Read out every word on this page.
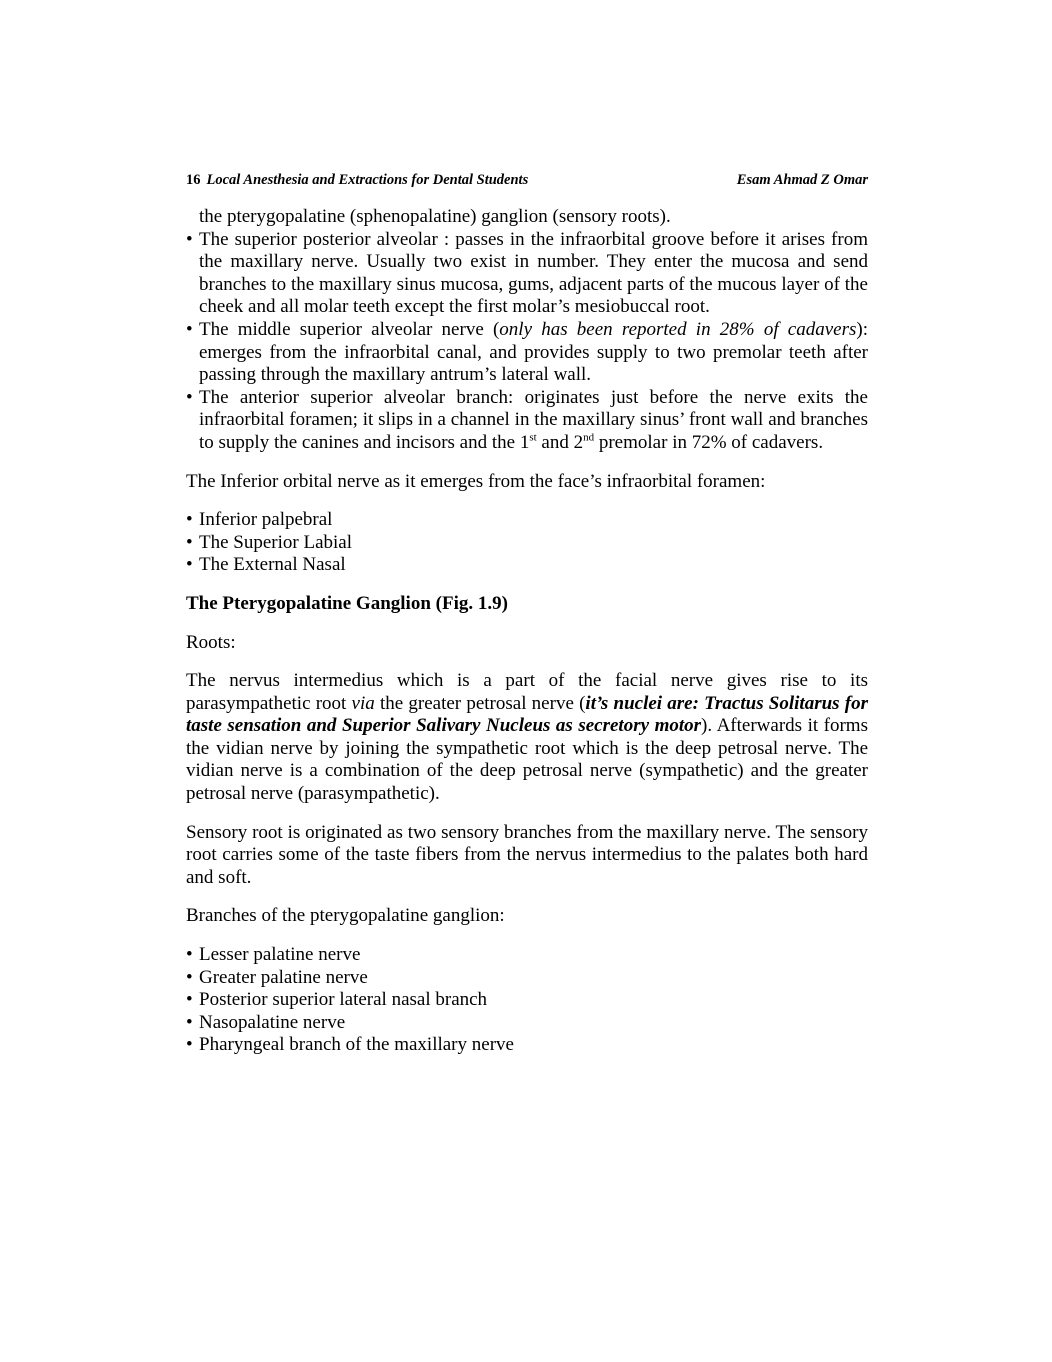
16 Local Anesthesia and Extractions for Dental Students	Esam Ahmad Z Omar

the pterygopalatine (sphenopalatine) ganglion (sensory roots).

• The superior posterior alveolar : passes in the infraorbital groove before it arises from the maxillary nerve. Usually two exist in number. They enter the mucosa and send branches to the maxillary sinus mucosa, gums, adjacent parts of the mucous layer of the cheek and all molar teeth except the first molar’s mesiobuccal root.
• The middle superior alveolar nerve (only has been reported in 28% of cadavers): emerges from the infraorbital canal, and provides supply to two premolar teeth after passing through the maxillary antrum’s lateral wall.
• The anterior superior alveolar branch: originates just before the nerve exits the infraorbital foramen; it slips in a channel in the maxillary sinus’ front wall and branches to supply the canines and incisors and the 1st and 2nd premolar in 72% of cadavers.

The Inferior orbital nerve as it emerges from the face’s infraorbital foramen:

• Inferior palpebral
• The Superior Labial
• The External Nasal
The Pterygopalatine Ganglion (Fig. 1.9)

Roots:

The nervus intermedius which is a part of the facial nerve gives rise to its parasympathetic root via the greater petrosal nerve (it’s nuclei are: Tractus Solitarus for taste sensation and Superior Salivary Nucleus as secretory motor). Afterwards it forms the vidian nerve by joining the sympathetic root which is the deep petrosal nerve. The vidian nerve is a combination of the deep petrosal nerve (sympathetic) and the greater petrosal nerve (parasympathetic).

Sensory root is originated as two sensory branches from the maxillary nerve. The sensory root carries some of the taste fibers from the nervus intermedius to the palates both hard and soft.

Branches of the pterygopalatine ganglion:

• Lesser palatine nerve
• Greater palatine nerve
• Posterior superior lateral nasal branch
• Nasopalatine nerve
• Pharyngeal branch of the maxillary nerve
